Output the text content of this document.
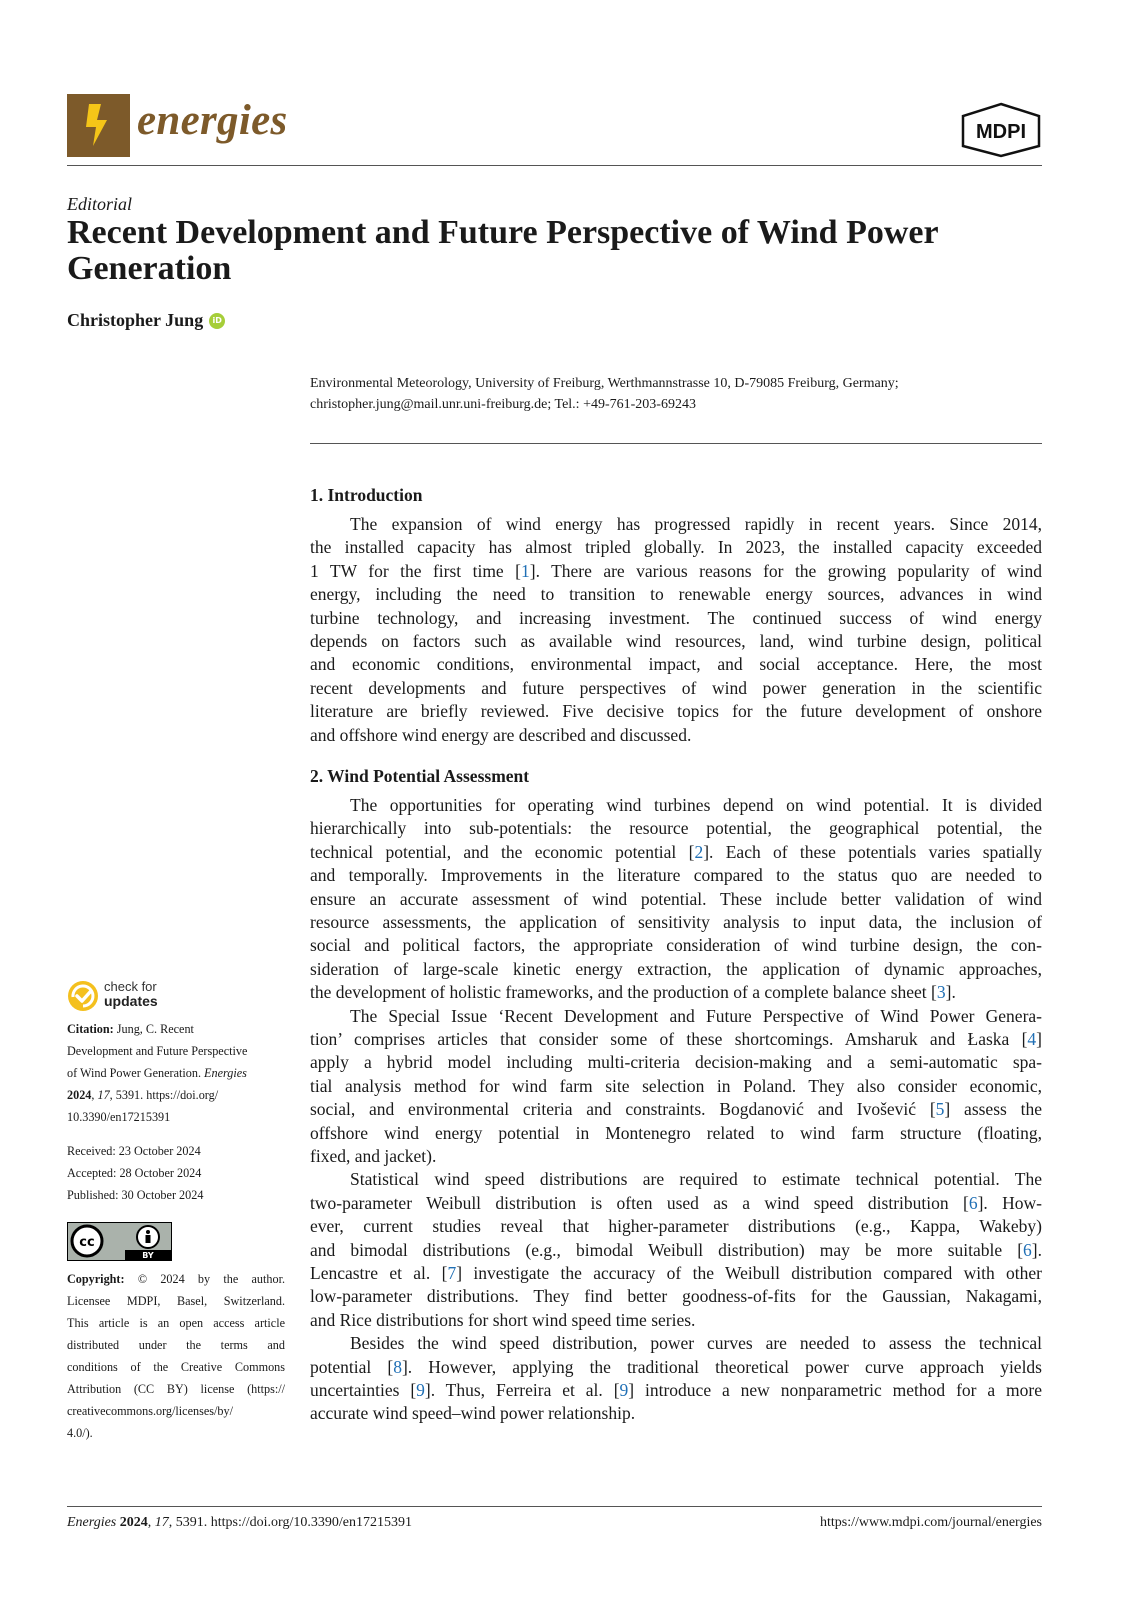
energies	MDPI
Editorial
Recent Development and Future Perspective of Wind Power Generation
Christopher Jung	iD
Environmental Meteorology, University of Freiburg, Werthmannstrasse 10, D-79085 Freiburg, Germany;
christopher.jung@mail.unr.uni-freiburg.de; Tel.: +49-761-203-69243
check for
updates
Citation: Jung, C. Recent
Development and Future Perspective
of Wind Power Generation. Energies
2024, 17, 5391. https://doi.org/
10.3390/en17215391
Received: 23 October 2024
Accepted: 28 October 2024
Published: 30 October 2024
cc
BY
Copyright: © 2024 by the author.
Licensee MDPI, Basel, Switzerland.
This article is an open access article
distributed under the terms and
conditions of the Creative Commons
Attribution (CC BY) license (https://
creativecommons.org/licenses/by/
4.0/).
1. Introduction
The expansion of wind energy has progressed rapidly in recent years. Since 2014,
the installed capacity has almost tripled globally. In 2023, the installed capacity exceeded
1 TW for the first time [1]. There are various reasons for the growing popularity of wind
energy, including the need to transition to renewable energy sources, advances in wind
turbine technology, and increasing investment. The continued success of wind energy
depends on factors such as available wind resources, land, wind turbine design, political
and economic conditions, environmental impact, and social acceptance. Here, the most
recent developments and future perspectives of wind power generation in the scientific
literature are briefly reviewed. Five decisive topics for the future development of onshore
and offshore wind energy are described and discussed.
2. Wind Potential Assessment
The opportunities for operating wind turbines depend on wind potential. It is divided
hierarchically into sub-potentials: the resource potential, the geographical potential, the
technical potential, and the economic potential [2]. Each of these potentials varies spatially
and temporally. Improvements in the literature compared to the status quo are needed to
ensure an accurate assessment of wind potential. These include better validation of wind
resource assessments, the application of sensitivity analysis to input data, the inclusion of
social and political factors, the appropriate consideration of wind turbine design, the con-
sideration of large-scale kinetic energy extraction, the application of dynamic approaches,
the development of holistic frameworks, and the production of a complete balance sheet [3].
The Special Issue ‘Recent Development and Future Perspective of Wind Power Genera-
tion’ comprises articles that consider some of these shortcomings. Amsharuk and Łaska [4]
apply a hybrid model including multi-criteria decision-making and a semi-automatic spa-
tial analysis method for wind farm site selection in Poland. They also consider economic,
social, and environmental criteria and constraints. Bogdanović and Ivošević [5] assess the
offshore wind energy potential in Montenegro related to wind farm structure (floating,
fixed, and jacket).
Statistical wind speed distributions are required to estimate technical potential. The
two-parameter Weibull distribution is often used as a wind speed distribution [6]. How-
ever, current studies reveal that higher-parameter distributions (e.g., Kappa, Wakeby)
and bimodal distributions (e.g., bimodal Weibull distribution) may be more suitable [6].
Lencastre et al. [7] investigate the accuracy of the Weibull distribution compared with other
low-parameter distributions. They find better goodness-of-fits for the Gaussian, Nakagami,
and Rice distributions for short wind speed time series.
Besides the wind speed distribution, power curves are needed to assess the technical
potential [8]. However, applying the traditional theoretical power curve approach yields
uncertainties [9]. Thus, Ferreira et al. [9] introduce a new nonparametric method for a more
accurate wind speed–wind power relationship.
Energies 2024, 17, 5391. https://doi.org/10.3390/en17215391	https://www.mdpi.com/journal/energies
